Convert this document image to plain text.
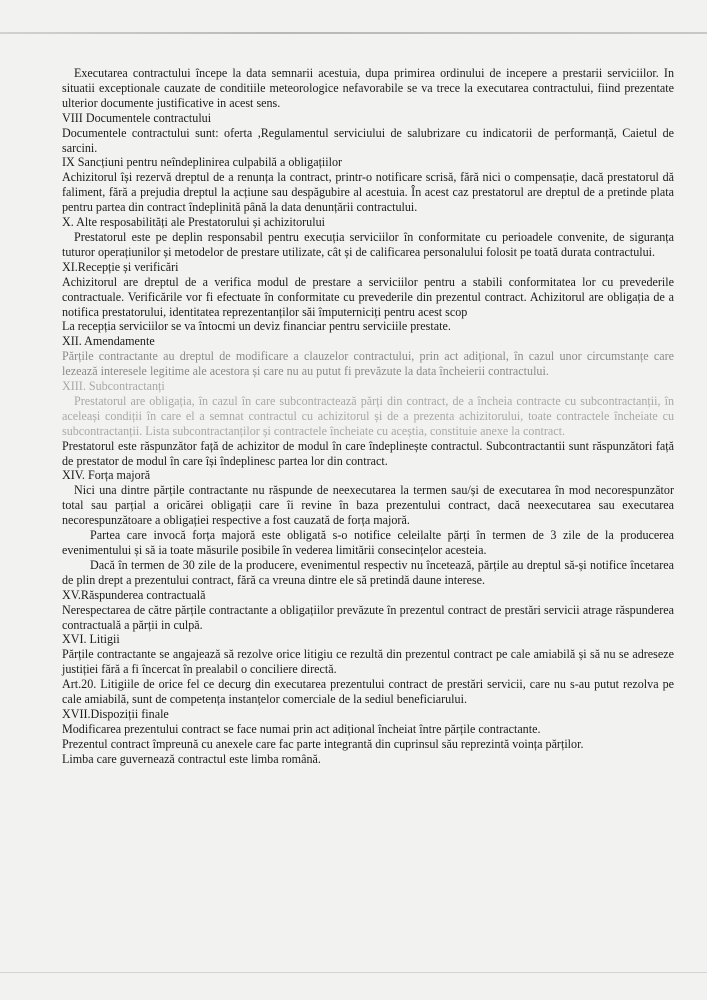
Executarea contractului începe la data semnarii acestuia, dupa primirea ordinului de incepere a prestarii serviciilor. In situatii exceptionale cauzate de conditiile meteorologice nefavorabile se va trece la executarea contractului, fiind prezentate ulterior documente justificative in acest sens.

VIII Documentele contractului

Documentele contractului sunt: oferta ,Regulamentul serviciului de salubrizare cu indicatorii de performanță, Caietul de sarcini.

IX Sancțiuni pentru neîndeplinirea culpabilă a obligațiilor

Achizitorul își rezervă dreptul de a renunța la contract, printr-o notificare scrisă, fără nici o compensație, dacă prestatorul dă faliment, fără a prejudia dreptul la acțiune sau despăgubire al acestuia. În acest caz prestatorul are dreptul de a pretinde plata pentru partea din contract îndeplinită până la data denunțării contractului.

X. Alte resposabilități ale Prestatorului și achizitorului

Prestatorul este pe deplin responsabil pentru execuția serviciilor în conformitate cu perioadele convenite, de siguranța tuturor operațiunilor și metodelor de prestare utilizate, cât și de calificarea personalului folosit pe toată durata contractului.

XI.Recepție și verificări

Achizitorul are dreptul de a verifica modul de prestare a serviciilor pentru a stabili conformitatea lor cu prevederile contractuale. Verificările vor fi efectuate în conformitate cu prevederile din prezentul contract. Achizitorul are obligația de a notifica prestatorului, identitatea reprezentanților săi împuterniciți pentru acest scop

La recepția serviciilor se va întocmi un deviz financiar pentru serviciile prestate.

XII. Amendamente

Părțile contractante au dreptul de modificare a clauzelor contractului, prin act adițional, în cazul unor circumstanțe care lezează interesele legitime ale acestora și care nu au putut fi prevăzute la data încheierii contractului.

XIII. Subcontractanți

Prestatorul are obligația, în cazul în care subcontractează părți din contract, de a încheia contracte cu subcontractanții, în aceleași condiții în care el a semnat contractul cu achizitorul și de a prezenta achizitorului, toate contractele încheiate cu subcontractanții. Lista subcontractanților și contractele încheiate cu aceștia, constituie anexe la contract.

Prestatorul este răspunzător față de achizitor de modul în care îndeplinește contractul. Subcontractantii sunt răspunzători față de prestator de modul în care își îndeplinesc partea lor din contract.

XIV. Forța majoră

Nici una dintre părțile contractante nu răspunde de neexecutarea la termen sau/și de executarea în mod necorespunzător total sau parțial a oricărei obligații care îi revine în baza prezentului contract, dacă neexecutarea sau executarea necorespunzătoare a obligației respective a fost cauzată de forța majoră.

Partea care invocă forța majoră este obligată s-o notifice celeilalte părți în termen de 3 zile de la producerea evenimentului și să ia toate măsurile posibile în vederea limitării consecințelor acesteia.

Dacă în termen de 30 zile de la producere, evenimentul respectiv nu încetează, părțile au dreptul să-și notifice încetarea de plin drept a prezentului contract, fără ca vreuna dintre ele să pretindă daune interese.

XV.Răspunderea contractuală

Nerespectarea de către părțile contractante a obligațiilor prevăzute în prezentul contract de prestări servicii atrage răspunderea contractuală a părții in culpă.

XVI. Litigii

Părțile contractante se angajează să rezolve orice litigiu ce rezultă din prezentul contract pe cale amiabilă și să nu se adreseze justiției fără a fi încercat în prealabil o conciliere directă.

Art.20. Litigiile de orice fel ce decurg din executarea prezentului contract de prestări servicii, care nu s-au putut rezolva pe cale amiabilă, sunt de competența instanțelor comerciale de la sediul beneficiarului.

XVII.Dispoziții finale

Modificarea prezentului contract se face numai prin act adițional încheiat între părțile contractante.

Prezentul contract împreună cu anexele care fac parte integrantă din cuprinsul său reprezintă voința părților.

Limba care guvernează contractul este limba română.
